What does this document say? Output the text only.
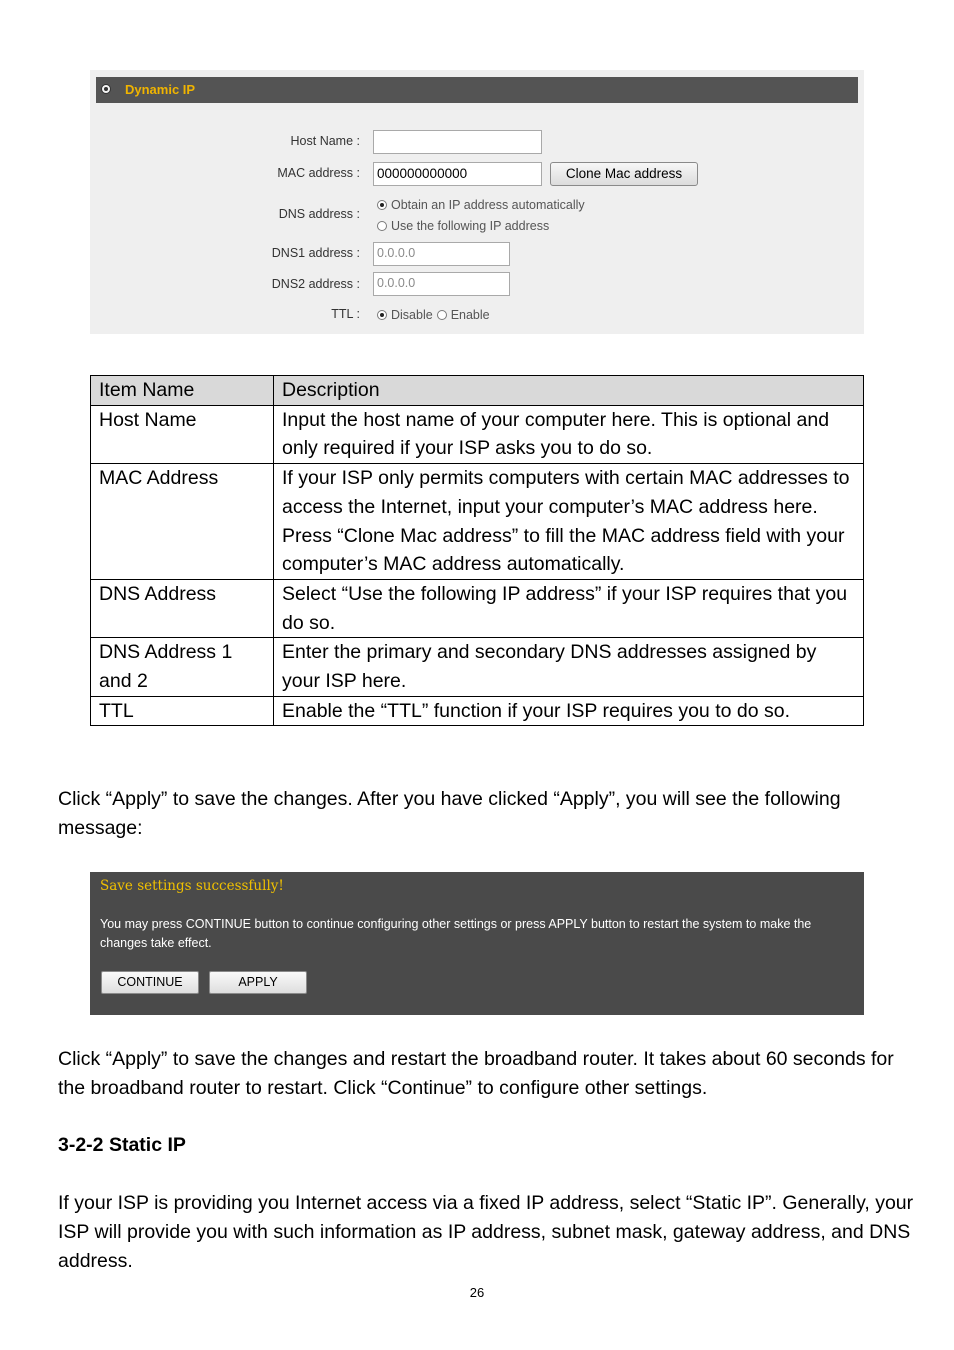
Dynamic IP
Host Name :
MAC address : 000000000000	Clone Mac address
DNS address :
Obtain an IP address automatically
Use the following IP address
DNS1 address :	0.0.0.0
DNS2 address :	0.0.0.0
TTL : Disable Enable
Item Name	Description
Host Name	Input the host name of your computer here. This is optional and only required if your ISP asks you to do so.
MAC Address	If your ISP only permits computers with certain MAC addresses to access the Internet, input your computer’s MAC address here. Press “Clone Mac address” to fill the MAC address field with your computer’s MAC address automatically.
DNS Address	Select “Use the following IP address” if your ISP requires that you do so.
DNS Address 1 and 2	Enter the primary and secondary DNS addresses assigned by your ISP here.
TTL	Enable the “TTL” function if your ISP requires you to do so.
Click “Apply” to save the changes. After you have clicked “Apply”, you will see the following message:
Save settings successfully!
You may press CONTINUE button to continue configuring other settings or press APPLY button to restart the system to make the changes take effect.
CONTINUE	APPLY
Click “Apply” to save the changes and restart the broadband router. It takes about 60 seconds for the broadband router to restart. Click “Continue” to configure other settings.
3-2-2 Static IP
If your ISP is providing you Internet access via a fixed IP address, select “Static IP”. Generally, your ISP will provide you with such information as IP address, subnet mask, gateway address, and DNS address.
26
